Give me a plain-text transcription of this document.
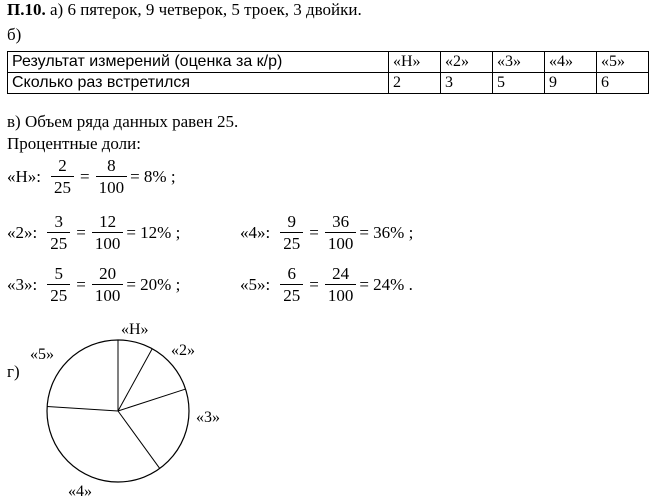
П.10. а) 6 пятерок, 9 четверок, 5 троек, 3 двойки.
б)
Результат измерений (оценка за к/р)	«Н»	«2»	«3»	«4»	«5»
Сколько раз встретился	2	3	5	9	6
в) Объем ряда данных равен 25.
Процентные доли:
«Н»: $\frac{2}{25} = \frac{8}{100} = 8\%$ ;
«2»: $\frac{3}{25} = \frac{12}{100} = 12\%$ ;	«4»: $\frac{9}{25} = \frac{36}{100} = 36\%$ ;
«3»: $\frac{5}{25} = \frac{20}{100} = 20\%$ ;	«5»: $\frac{6}{25} = \frac{24}{100} = 24\%$ .
г)
«Н»
«2»
«3»
«4»
«5»
